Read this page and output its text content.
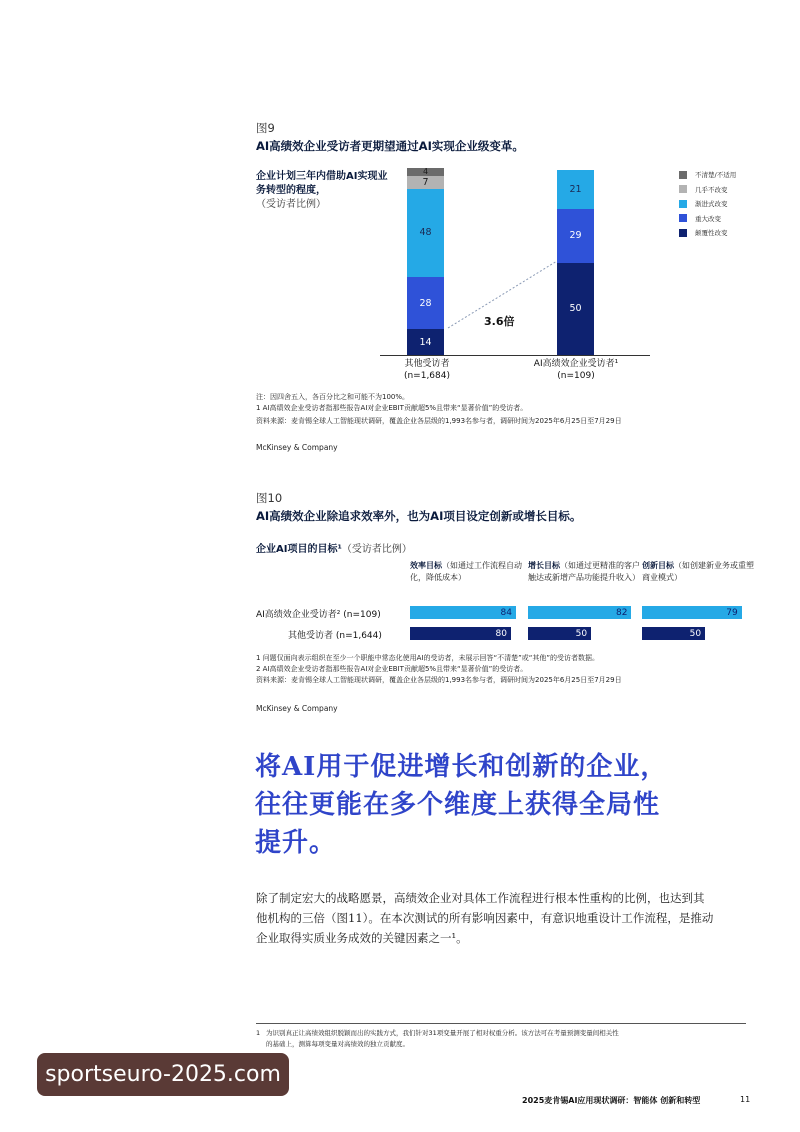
图9
AI高绩效企业受访者更期望通过AI实现企业级变革。
企业计划三年内借助AI实现业务转型的程度，
（受访者比例）
14
28
48
7
4
50
29
21
3.6倍
其他受访者
(n=1,684)
AI高绩效企业受访者¹
(n=109)
不清楚/不适用
几乎不改变
渐进式改变
重大改变
颠覆性改变
注：因四舍五入，各百分比之和可能不为100%。
1 AI高绩效企业受访者指那些报告AI对企业EBIT贡献超5%且带来“显著价值”的受访者。
资料来源：麦肯锡全球人工智能现状调研，覆盖企业各层级的1,993名参与者，调研时间为2025年6月25日至7月29日
McKinsey & Company
图10
AI高绩效企业除追求效率外，也为AI项目设定创新或增长目标。
企业AI项目的目标¹（受访者比例）
AI高绩效企业受访者² (n=109)
其他受访者 (n=1,644)
效率目标（如通过工作流程自动化，降低成本）
84
80
增长目标（如通过更精准的客户触达或新增产品功能提升收入）
82
50
创新目标（如创建新业务或重塑商业模式）
79
50
1 问题仅面向表示组织在至少一个职能中常态化使用AI的受访者，未展示回答“不清楚”或“其他”的受访者数据。
2 AI高绩效企业受访者指那些报告AI对企业EBIT贡献超5%且带来“显著价值”的受访者。
资料来源：麦肯锡全球人工智能现状调研，覆盖企业各层级的1,993名参与者，调研时间为2025年6月25日至7月29日
McKinsey & Company
将AI用于促进增长和创新的企业，
往往更能在多个维度上获得全局性
提升。
除了制定宏大的战略愿景，高绩效企业对具体工作流程进行根本性重构的比例，也达到其
他机构的三倍（图11）。在本次测试的所有影响因素中，有意识地重设计工作流程，是推动
企业取得实质业务成效的关键因素之一¹。
1 为识别真正让高绩效组织脱颖而出的实践方式，我们针对31项变量开展了相对权重分析。该方法可在考量预测变量间相关性
的基础上，测算每项变量对高绩效的独立贡献度。
2025麦肯锡AI应用现状调研：智能体 创新和转型	11
sportseuro-2025.com
